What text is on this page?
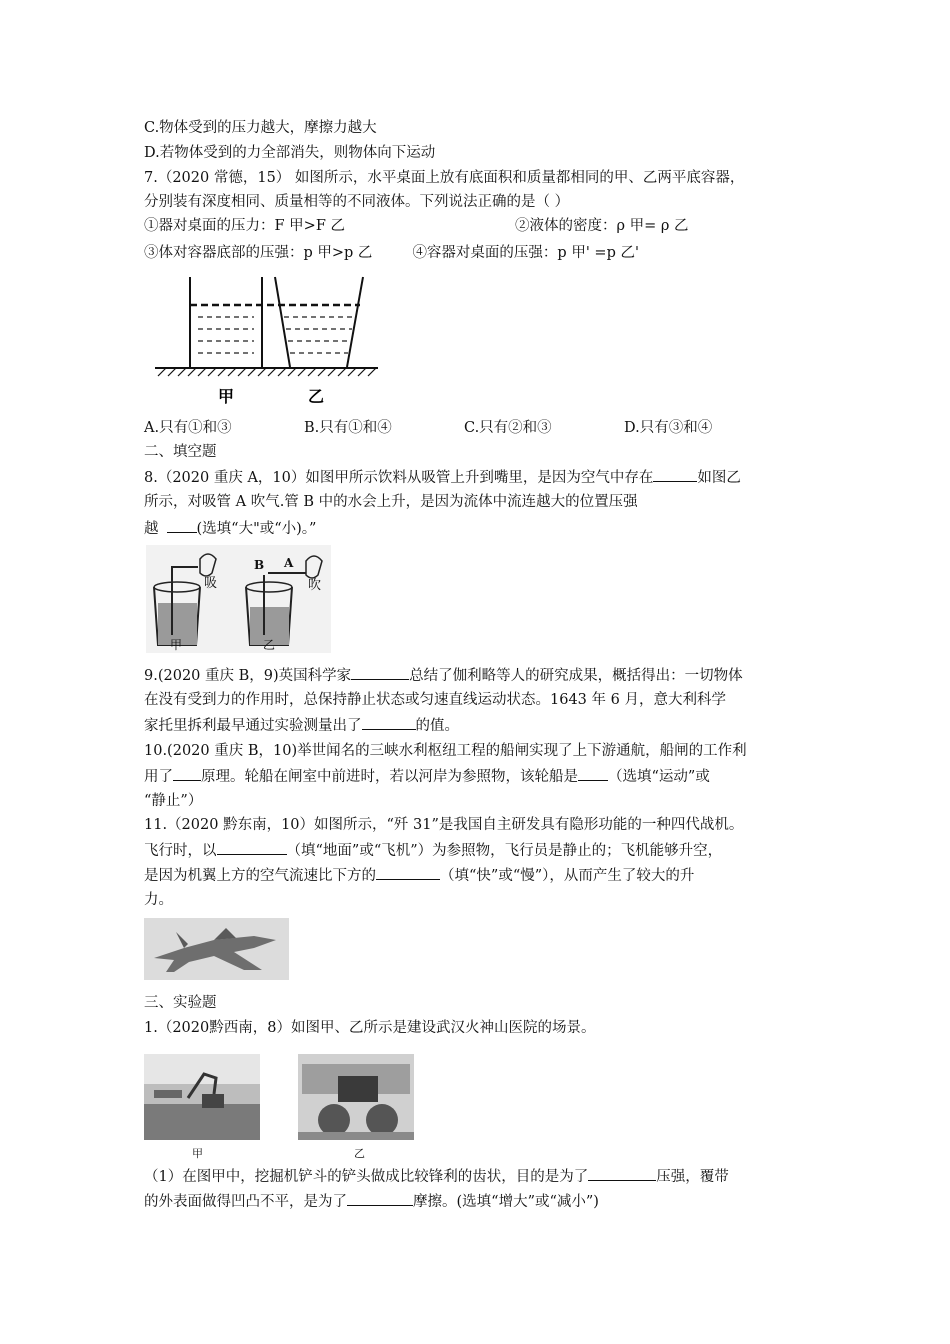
C.物体受到的压力越大，摩擦力越大
D.若物体受到的力全部消失，则物体向下运动
7.（2020 常德，15） 如图所示，水平桌面上放有底面积和质量都相同的甲、乙两平底容器，
分别装有深度相同、质量相等的不同液体。下列说法正确的是（ ）
①器对桌面的压力：F 甲>F 乙	②液体的密度：ρ 甲= ρ 乙
③体对容器底部的压强：p 甲>p 乙	④容器对桌面的压强：p 甲' =p 乙'
甲	乙
A.只有①和③	B.只有①和④	C.只有②和③	D.只有③和④
二、填空题
8.（2020 重庆 A，10）如图甲所示饮料从吸管上升到嘴里，是因为空气中存在	如图乙
所示，对吸管 A 吹气.管 B 中的水会上升，是因为流体中流连越大的位置压强
越	(选填“大"或“小)。”
吸
甲
B A
吹
乙
9.(2020 重庆 B，9)英国科学家	总结了伽利略等人的研究成果，概括得出：一切物体
在没有受到力的作用时，总保持静止状态或匀速直线运动状态。1643 年 6 月，意大利科学
家托里拆利最早通过实验测量出了	的值。
10.(2020 重庆 B，10)举世闻名的三峡水利枢纽工程的船闸实现了上下游通航，船闸的工作利
用了 原理。轮船在闸室中前进时，若以河岸为参照物，该轮船是 （选填“运动”或
“静止”）
11.（2020 黔东南，10）如图所示，“歼 31”是我国自主研发具有隐形功能的一种四代战机。
飞行时，以	（填“地面”或“飞机”）为参照物，飞行员是静止的；飞机能够升空，
是因为机翼上方的空气流速比下方的	（填“快”或“慢”），从而产生了较大的升
力。
三、实验题
1.（2020黔西南，8）如图甲、乙所示是建设武汉火神山医院的场景。
甲	乙
（1）在图甲中，挖掘机铲斗的铲头做成比较锋利的齿状，目的是为了	压强，覆带
的外表面做得凹凸不平，是为了	摩擦。(选填“增大”或“减小”)
